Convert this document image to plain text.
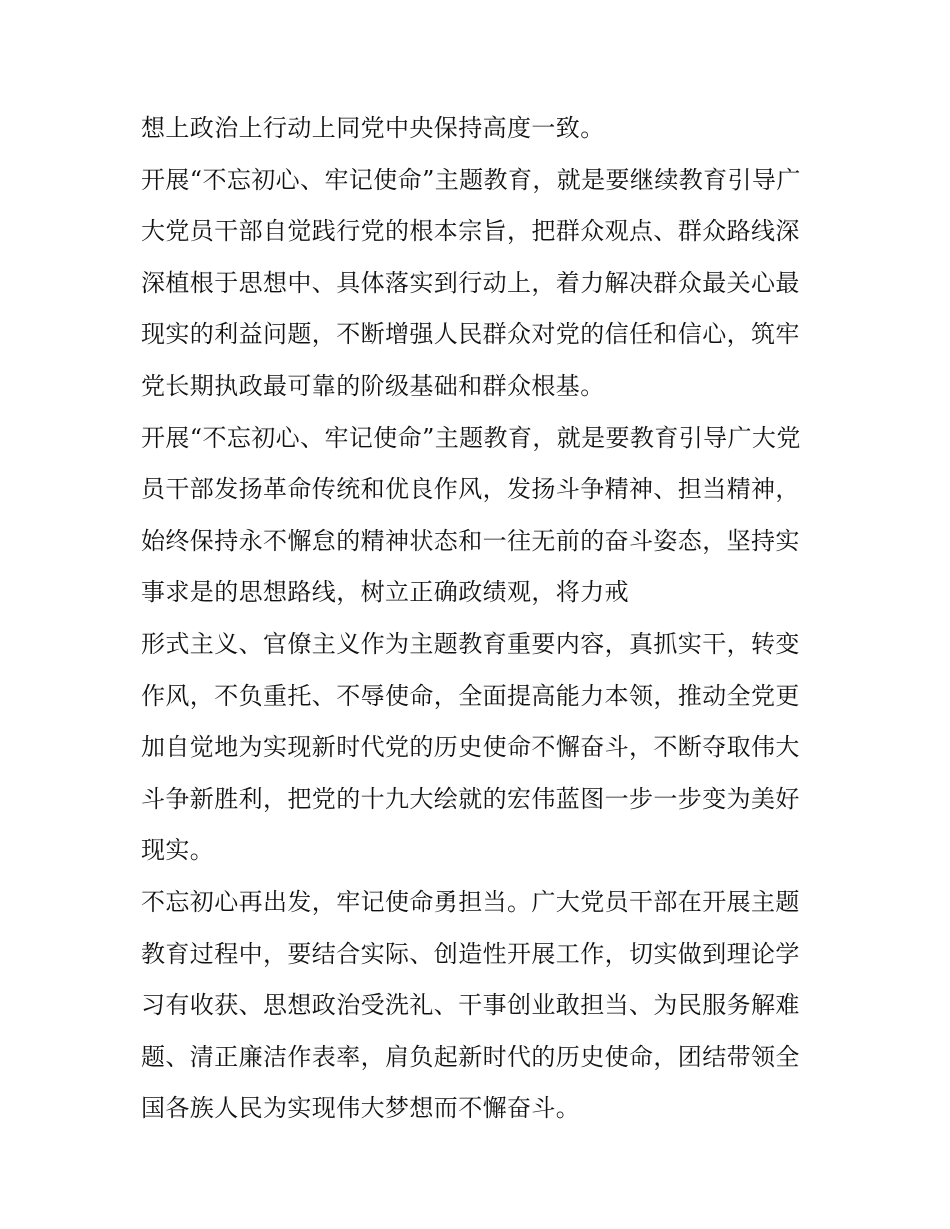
想上政治上行动上同党中央保持高度一致。
开展“不忘初心、牢记使命”主题教育，就是要继续教育引导广
大党员干部自觉践行党的根本宗旨，把群众观点、群众路线深
深植根于思想中、具体落实到行动上，着力解决群众最关心最
现实的利益问题，不断增强人民群众对党的信任和信心，筑牢
党长期执政最可靠的阶级基础和群众根基。
开展“不忘初心、牢记使命”主题教育，就是要教育引导广大党
员干部发扬革命传统和优良作风，发扬斗争精神、担当精神，
始终保持永不懈怠的精神状态和一往无前的奋斗姿态，坚持实
事求是的思想路线，树立正确政绩观，将力戒
形式主义、官僚主义作为主题教育重要内容，真抓实干，转变
作风，不负重托、不辱使命，全面提高能力本领，推动全党更
加自觉地为实现新时代党的历史使命不懈奋斗，不断夺取伟大
斗争新胜利，把党的十九大绘就的宏伟蓝图一步一步变为美好
现实。
不忘初心再出发，牢记使命勇担当。广大党员干部在开展主题
教育过程中，要结合实际、创造性开展工作，切实做到理论学
习有收获、思想政治受洗礼、干事创业敢担当、为民服务解难
题、清正廉洁作表率，肩负起新时代的历史使命，团结带领全
国各族人民为实现伟大梦想而不懈奋斗。
